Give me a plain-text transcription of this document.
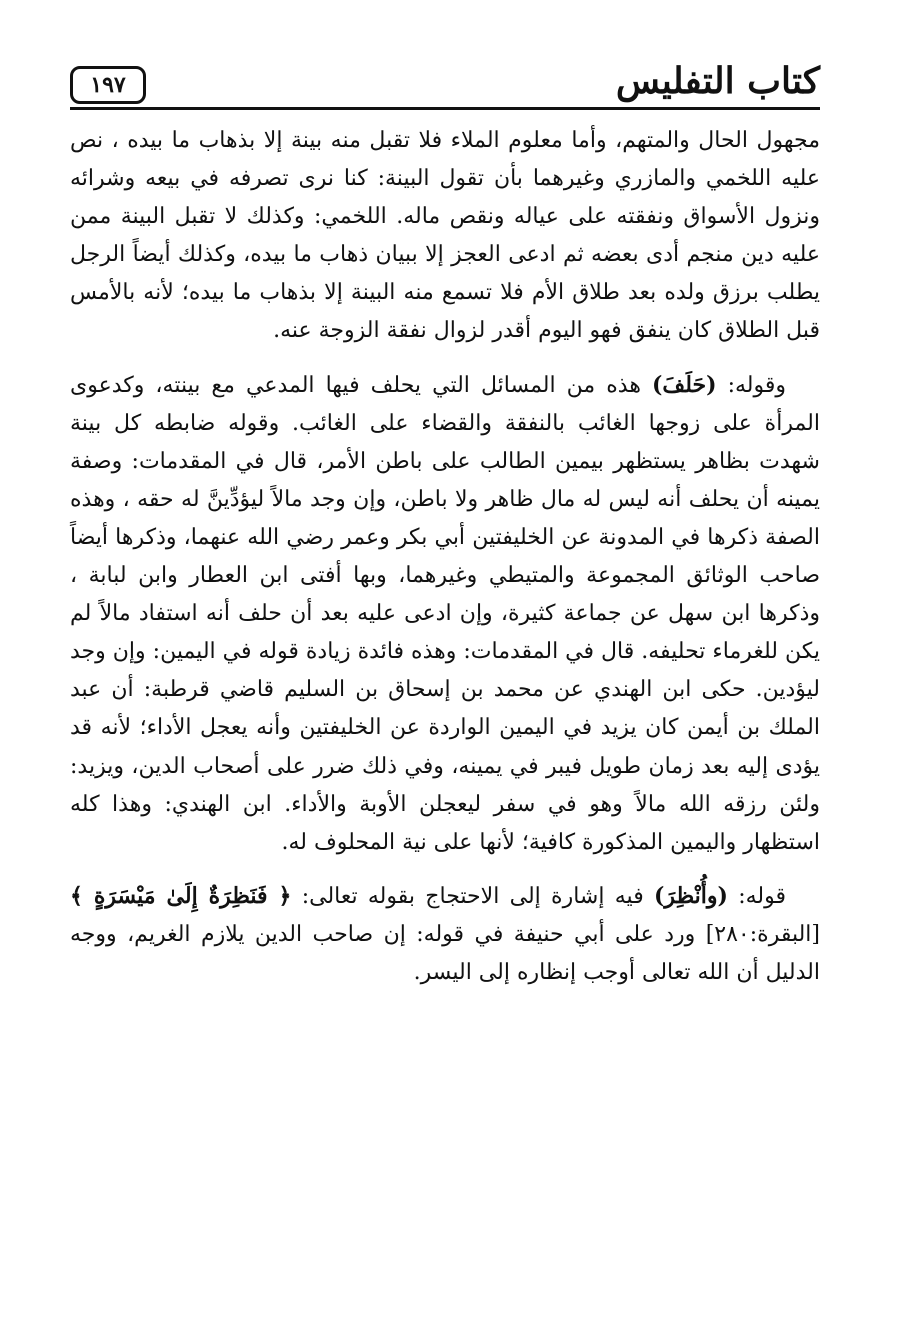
١٩٧	كتاب التفليس

مجهول الحال والمتهم، وأما معلوم الملاء فلا تقبل منه بينة إلا بذهاب ما بيده ، نص عليه اللخمي والمازري وغيرهما بأن تقول البينة: كنا نرى تصرفه في بيعه وشرائه ونزول الأسواق ونفقته على عياله ونقص ماله. اللخمي: وكذلك لا تقبل البينة ممن عليه دين منجم أدى بعضه ثم ادعى العجز إلا ببيان ذهاب ما بيده، وكذلك أيضاً الرجل يطلب برزق ولده بعد طلاق الأم فلا تسمع منه البينة إلا بذهاب ما بيده؛ لأنه بالأمس قبل الطلاق كان ينفق فهو اليوم أقدر لزوال نفقة الزوجة عنه.

وقوله: (حَلَفَ) هذه من المسائل التي يحلف فيها المدعي مع بينته، وكدعوى المرأة على زوجها الغائب بالنفقة والقضاء على الغائب. وقوله ضابطه كل بينة شهدت بظاهر يستظهر بيمين الطالب على باطن الأمر، قال في المقدمات: وصفة يمينه أن يحلف أنه ليس له مال ظاهر ولا باطن، وإن وجد مالاً ليؤدِّينَّ له حقه ، وهذه الصفة ذكرها في المدونة عن الخليفتين أبي بكر وعمر رضي الله عنهما، وذكرها أيضاً صاحب الوثائق المجموعة والمتيطي وغيرهما، وبها أفتى ابن العطار وابن لبابة ، وذكرها ابن سهل عن جماعة كثيرة، وإن ادعى عليه بعد أن حلف أنه استفاد مالاً لم يكن للغرماء تحليفه. قال في المقدمات: وهذه فائدة زيادة قوله في اليمين: وإن وجد ليؤدين. حكى ابن الهندي عن محمد بن إسحاق بن السليم قاضي قرطبة: أن عبد الملك بن أيمن كان يزيد في اليمين الواردة عن الخليفتين وأنه يعجل الأداء؛ لأنه قد يؤدى إليه بعد زمان طويل فيبر في يمينه، وفي ذلك ضرر على أصحاب الدين، ويزيد: ولئن رزقه الله مالاً وهو في سفر ليعجلن الأوبة والأداء. ابن الهندي: وهذا كله استظهار واليمين المذكورة كافية؛ لأنها على نية المحلوف له.

قوله: (وأُنْظِرَ) فيه إشارة إلى الاحتجاج بقوله تعالى: ﴿ فَنَظِرَةٌ إِلَىٰ مَيْسَرَةٍ ﴾ [البقرة:٢٨٠] ورد على أبي حنيفة في قوله: إن صاحب الدين يلازم الغريم، ووجه الدليل أن الله تعالى أوجب إنظاره إلى اليسر.
